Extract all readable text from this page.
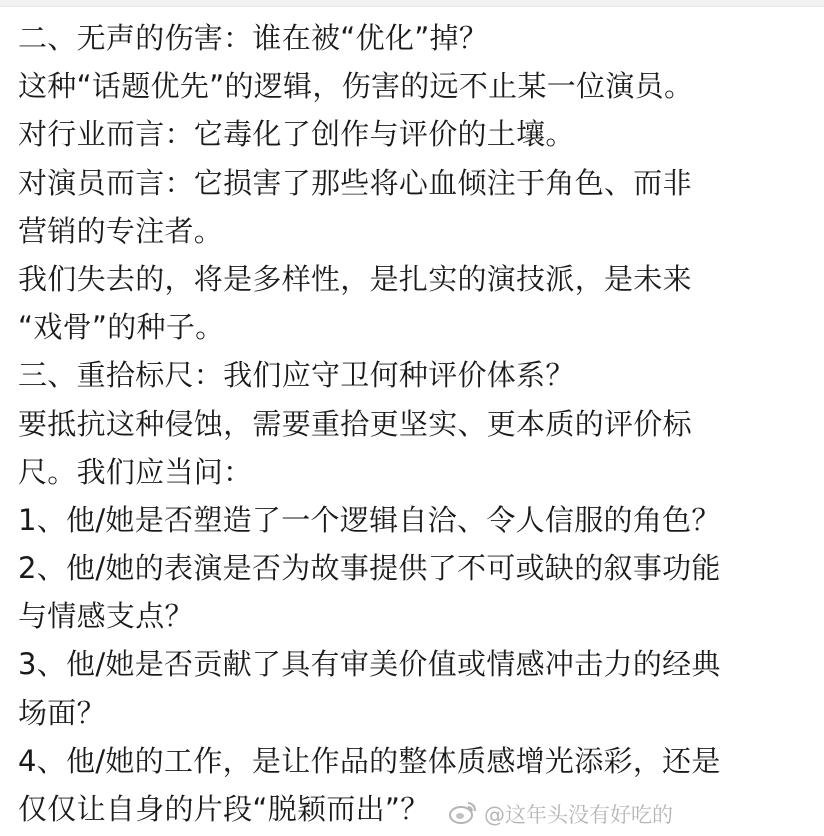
二、无声的伤害：谁在被“优化”掉？
这种“话题优先”的逻辑，伤害的远不止某一位演员。
对行业而言：它毒化了创作与评价的土壤。
对演员而言：它损害了那些将心血倾注于角色、而非
营销的专注者。
我们失去的，将是多样性，是扎实的演技派，是未来
“戏骨”的种子。
三、重拾标尺：我们应守卫何种评价体系？
要抵抗这种侵蚀，需要重拾更坚实、更本质的评价标
尺。我们应当问：
1、他/她是否塑造了一个逻辑自洽、令人信服的角色？
2、他/她的表演是否为故事提供了不可或缺的叙事功能
与情感支点？
3、他/她是否贡献了具有审美价值或情感冲击力的经典
场面？
4、他/她的工作，是让作品的整体质感增光添彩，还是
仅仅让自身的片段“脱颖而出”？	@这年头没有好吃的
